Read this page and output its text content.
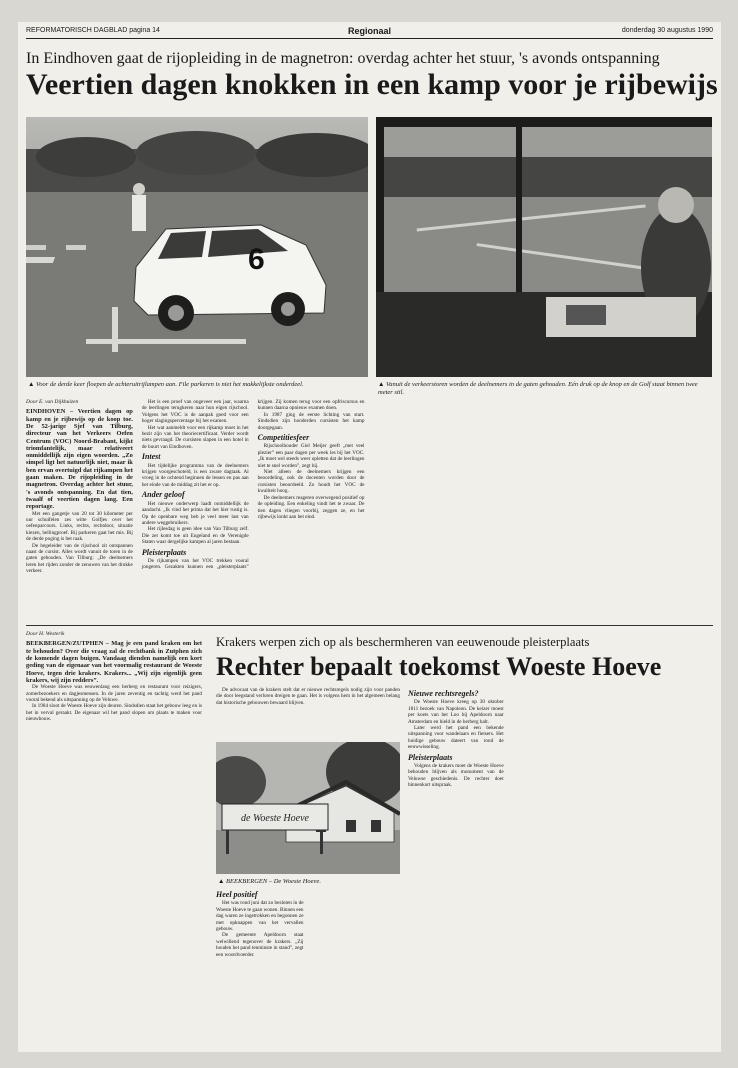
REFORMATORISCH DAGBLAD pagina 14	Regionaal	donderdag 30 augustus 1990
In Eindhoven gaat de rijopleiding in de magnetron: overdag achter het stuur, 's avonds ontspanning
Veertien dagen knokken in een kamp voor je rijbewijs
6
▲ Voor de derde keer floepen de achteruitrijlampen aan. File parkeren is niet het makkelijkste onderdeel.	▲ Vanuit de verkeerstoren worden de deelnemers in de gaten gehouden. Eén druk op de knop en de Golf staat binnen twee meter stil.
Door E. van Dijkhuizen

EINDHOVEN – Veertien dagen op kamp en je rijbewijs op de koop toe. De 52-jarige Sjef van Tilburg, directeur van het Verkeers Oefen Centrum (VOC) Noord-Brabant, kijkt triomfantelijk, maar relativeert onmiddellijk zijn eigen woorden. „Zo simpel ligt het natuurlijk niet, maar ik ben ervan overtuigd dat rijkampen het gaan maken. De rijopleiding in de magnetron. Overdag achter het stuur, 's avonds ontspanning. En dat tien, twaalf of veertien dagen lang. Een reportage.

Met een gangetje van 20 tot 30 kilometer per uur schuifelen zes witte Golfjes over het oefenparcours. Links, rechts, rechtdoor, situatie kiezen, hellingproef. Bij parkeren gaat het mis. Bij de derde poging is het raak.

De begeleider van de rijschool zit ontspannen naast de cursist. Alles wordt vanuit de toren in de gaten gehouden. Van Tilburg: „De deelnemers leren het rijden zonder de zenuwen van het drukke verkeer.

Het is een proef van ongeveer een jaar, waarna de leerlingen terugkeren naar hun eigen rijschool. Volgens het VOC is de aanpak goed voor een hoger slagingspercentage bij het examen.

Het wat aanmeldt voor een rijkamp moet in het bezit zijn van het theoriecertificaat. Verder wordt niets gevraagd. De cursisten slapen in een hotel in de buurt van Eindhoven.

Intest

Het tijdelijke programma van de deelnemers krijgen voorgeschoteld, is een zware dagtaak. Al vroeg in de ochtend beginnen de lessen en pas aan het einde van de middag zit het er op.

Ander geloof

Het nieuwe onderwerp laadt onmiddellijk de aandacht. „Ik vind het prima dat het hier rustig is. Op de openbare weg heb je veel meer last van andere weggebruikers.

Het rijlesdag is geen idee van Van Tilburg zelf. Die zet komt toe uit Engeland en de Verenigde Staten waar dergelijke kampen al jaren bestaan.

Pleisterplaats

De rijkampen van het VOC trekken vooral jongeren. Gezakten kunnen een „pleisterplaats” krijgen. Zij komen terug voor een opfriscursus en kunnen daarna opnieuw examen doen.

In 1987 ging de eerste lichting van start. Sindsdien zijn honderden cursisten het kamp doorgegaan.

Competitiesfeer

Rijschoolhouder Giel Meijer geeft „met veel plezier” een paar dagen per week les bij het VOC. „Ik moet wel steeds weer opletten dat de leerlingen niet te snel worden”, zegt hij.

Niet alleen de deelnemers krijgen een beoordeling, ook de docenten worden door de cursisten beoordeeld. Zo houdt het VOC de kwaliteit hoog.

De deelnemers reageren overwegend positief op de opleiding. Een enkeling vindt het te zwaar. De tien dagen vliegen voorbij, zeggen ze, en het rijbewijs lonkt aan het eind.

Krakers werpen zich op als beschermheren van eeuwenoude pleisterplaats
Rechter bepaalt toekomst Woeste Hoeve
Door H. Westerik

BEEKBERGEN/ZUTPHEN – Mag je een pand kraken om het te behouden? Over die vraag zal de rechtbank in Zutphen zich de komende dagen buigen. Vandaag dienden namelijk een kort geding van de eigenaar van het voormalig restaurant de Woeste Hoeve, tegen drie krakers. Krakers... „Wij zijn eigenlijk geen krakers, wij zijn redders”.

De Woeste Hoeve was eeuwenlang een herberg en restaurant voor reizigers, zomerbezoekers en dagjesmensen. In de jaren zeventig en tachtig werd het pand vooral bekend als uitspanning op de Veluwe.

In 1984 sloot de Woeste Hoeve zijn deuren. Sindsdien staat het gebouw leeg en is het in verval geraakt. De eigenaar wil het pand slopen om plaats te maken voor nieuwbouw.

de Woeste Hoeve
▲ BEEKBERGEN – De Woeste Hoeve.

De advocaat van de krakers stelt dat er nieuwe rechtsregels nodig zijn voor panden die door leegstand verloren dreigen te gaan. Het is volgens hem in het algemeen belang dat historische gebouwen bewaard blijven.

Heel positief

Het was rond juni dat zo besloten in de Woeste Hoeve te gaan wonen. Binnen een dag waren ze ingetrokken en begonnen ze met opknappen van het vervallen gebouw.

De gemeente Apeldoorn staat welwillend tegenover de krakers. „Zij houden het pand tenminste in stand”, zegt een woordvoerder.

Nieuwe rechtsregels?

De Woeste Hoeve kreeg op 30 oktober 1811 bezoek van Napoleon. De keizer moest per koets van het Loo bij Apeldoorn naar Amsterdam en hield in de herberg halt.

Later werd het pand een bekende uitspanning voor wandelaars en fietsers. Het huidige gebouw dateert van rond de eeuwwisseling.

Pleisterplaats

Volgens de krakers moet de Woeste Hoeve behouden blijven als monument van de Veluwse geschiedenis. De rechter doet binnenkort uitspraak.
